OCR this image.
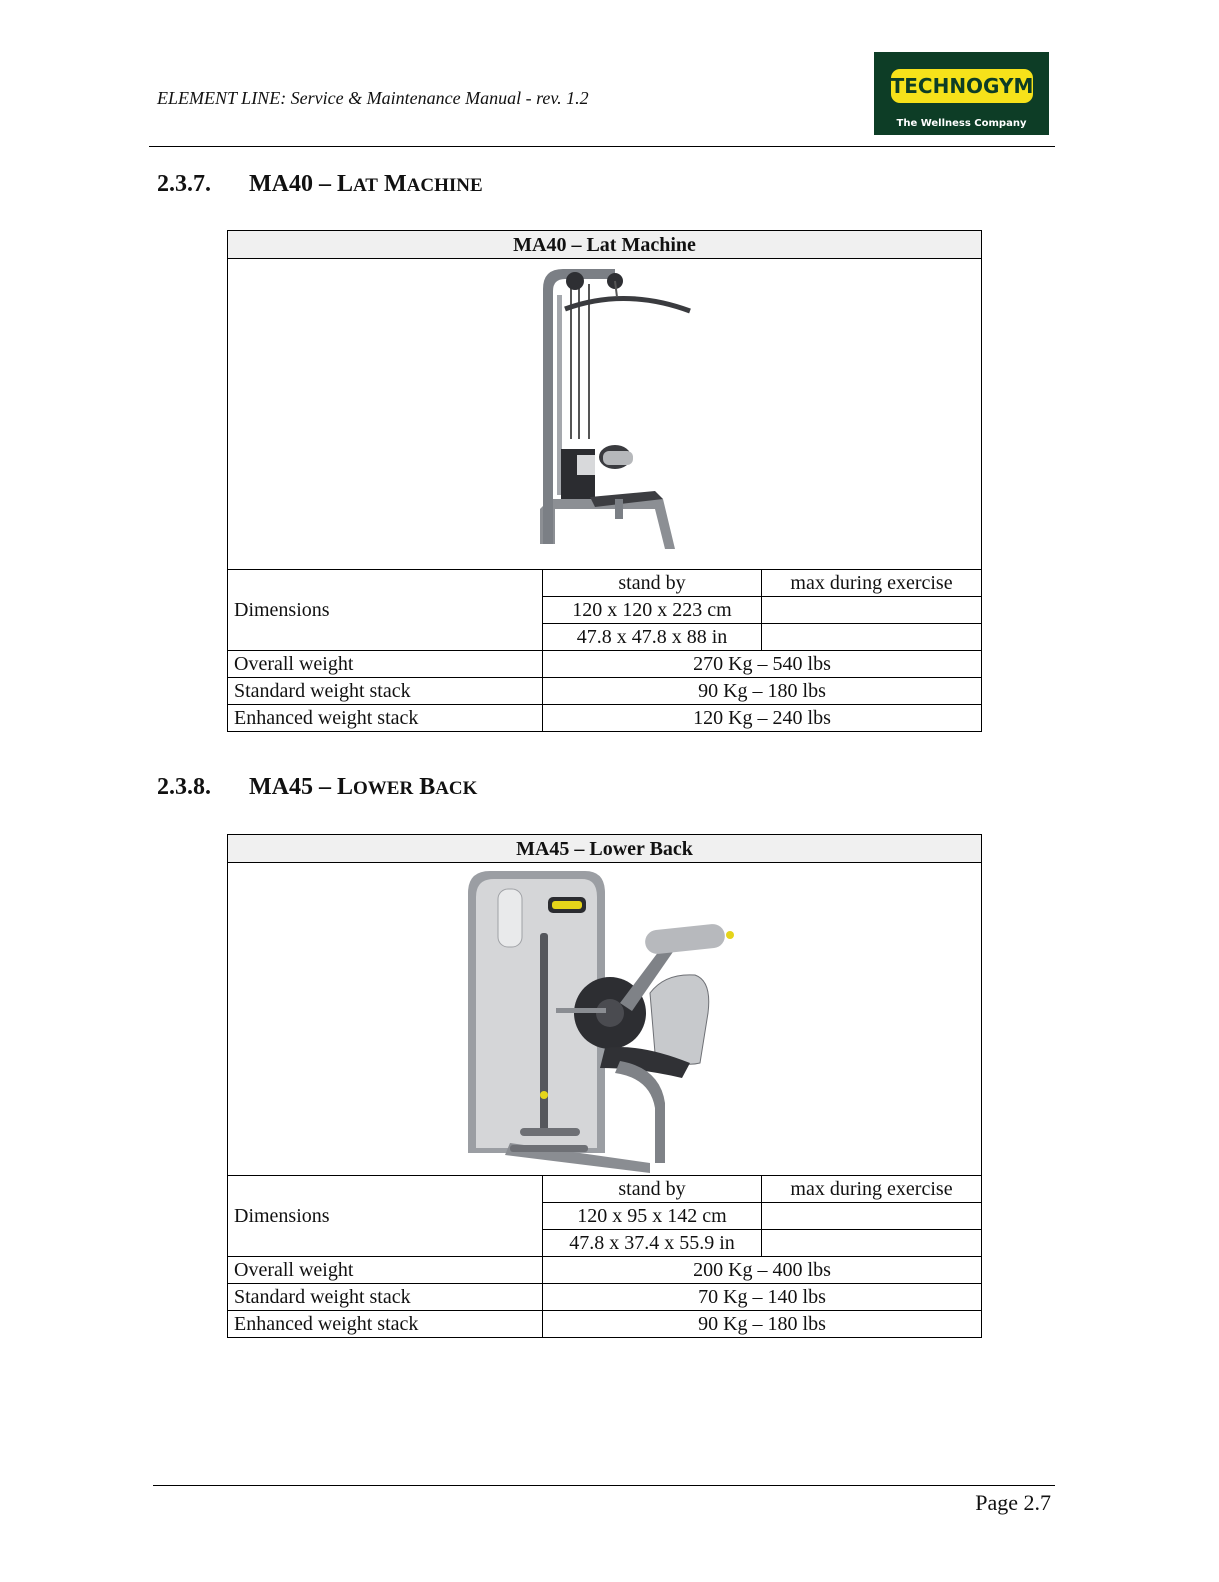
ELEMENT LINE: Service & Maintenance Manual - rev. 1.2	TECHNOGYM
The Wellness Company
2.3.7. MA40 – LAT MACHINE
MA40 – Lat Machine		

Dimensions	stand by	max during exercise
	120 x 120 x 223 cm	
	47.8 x 47.8 x 88 in	
Overall weight	270 Kg – 540 lbs	
Standard weight stack	90 Kg – 180 lbs	
Enhanced weight stack	120 Kg – 240 lbs	
2.3.8. MA45 – LOWER BACK
MA45 – Lower Back		

Dimensions	stand by	max during exercise
	120 x 95 x 142 cm	
	47.8 x 37.4 x 55.9 in	
Overall weight	200 Kg – 400 lbs	
Standard weight stack	70 Kg – 140 lbs	
Enhanced weight stack	90 Kg – 180 lbs	
Page 2.7
